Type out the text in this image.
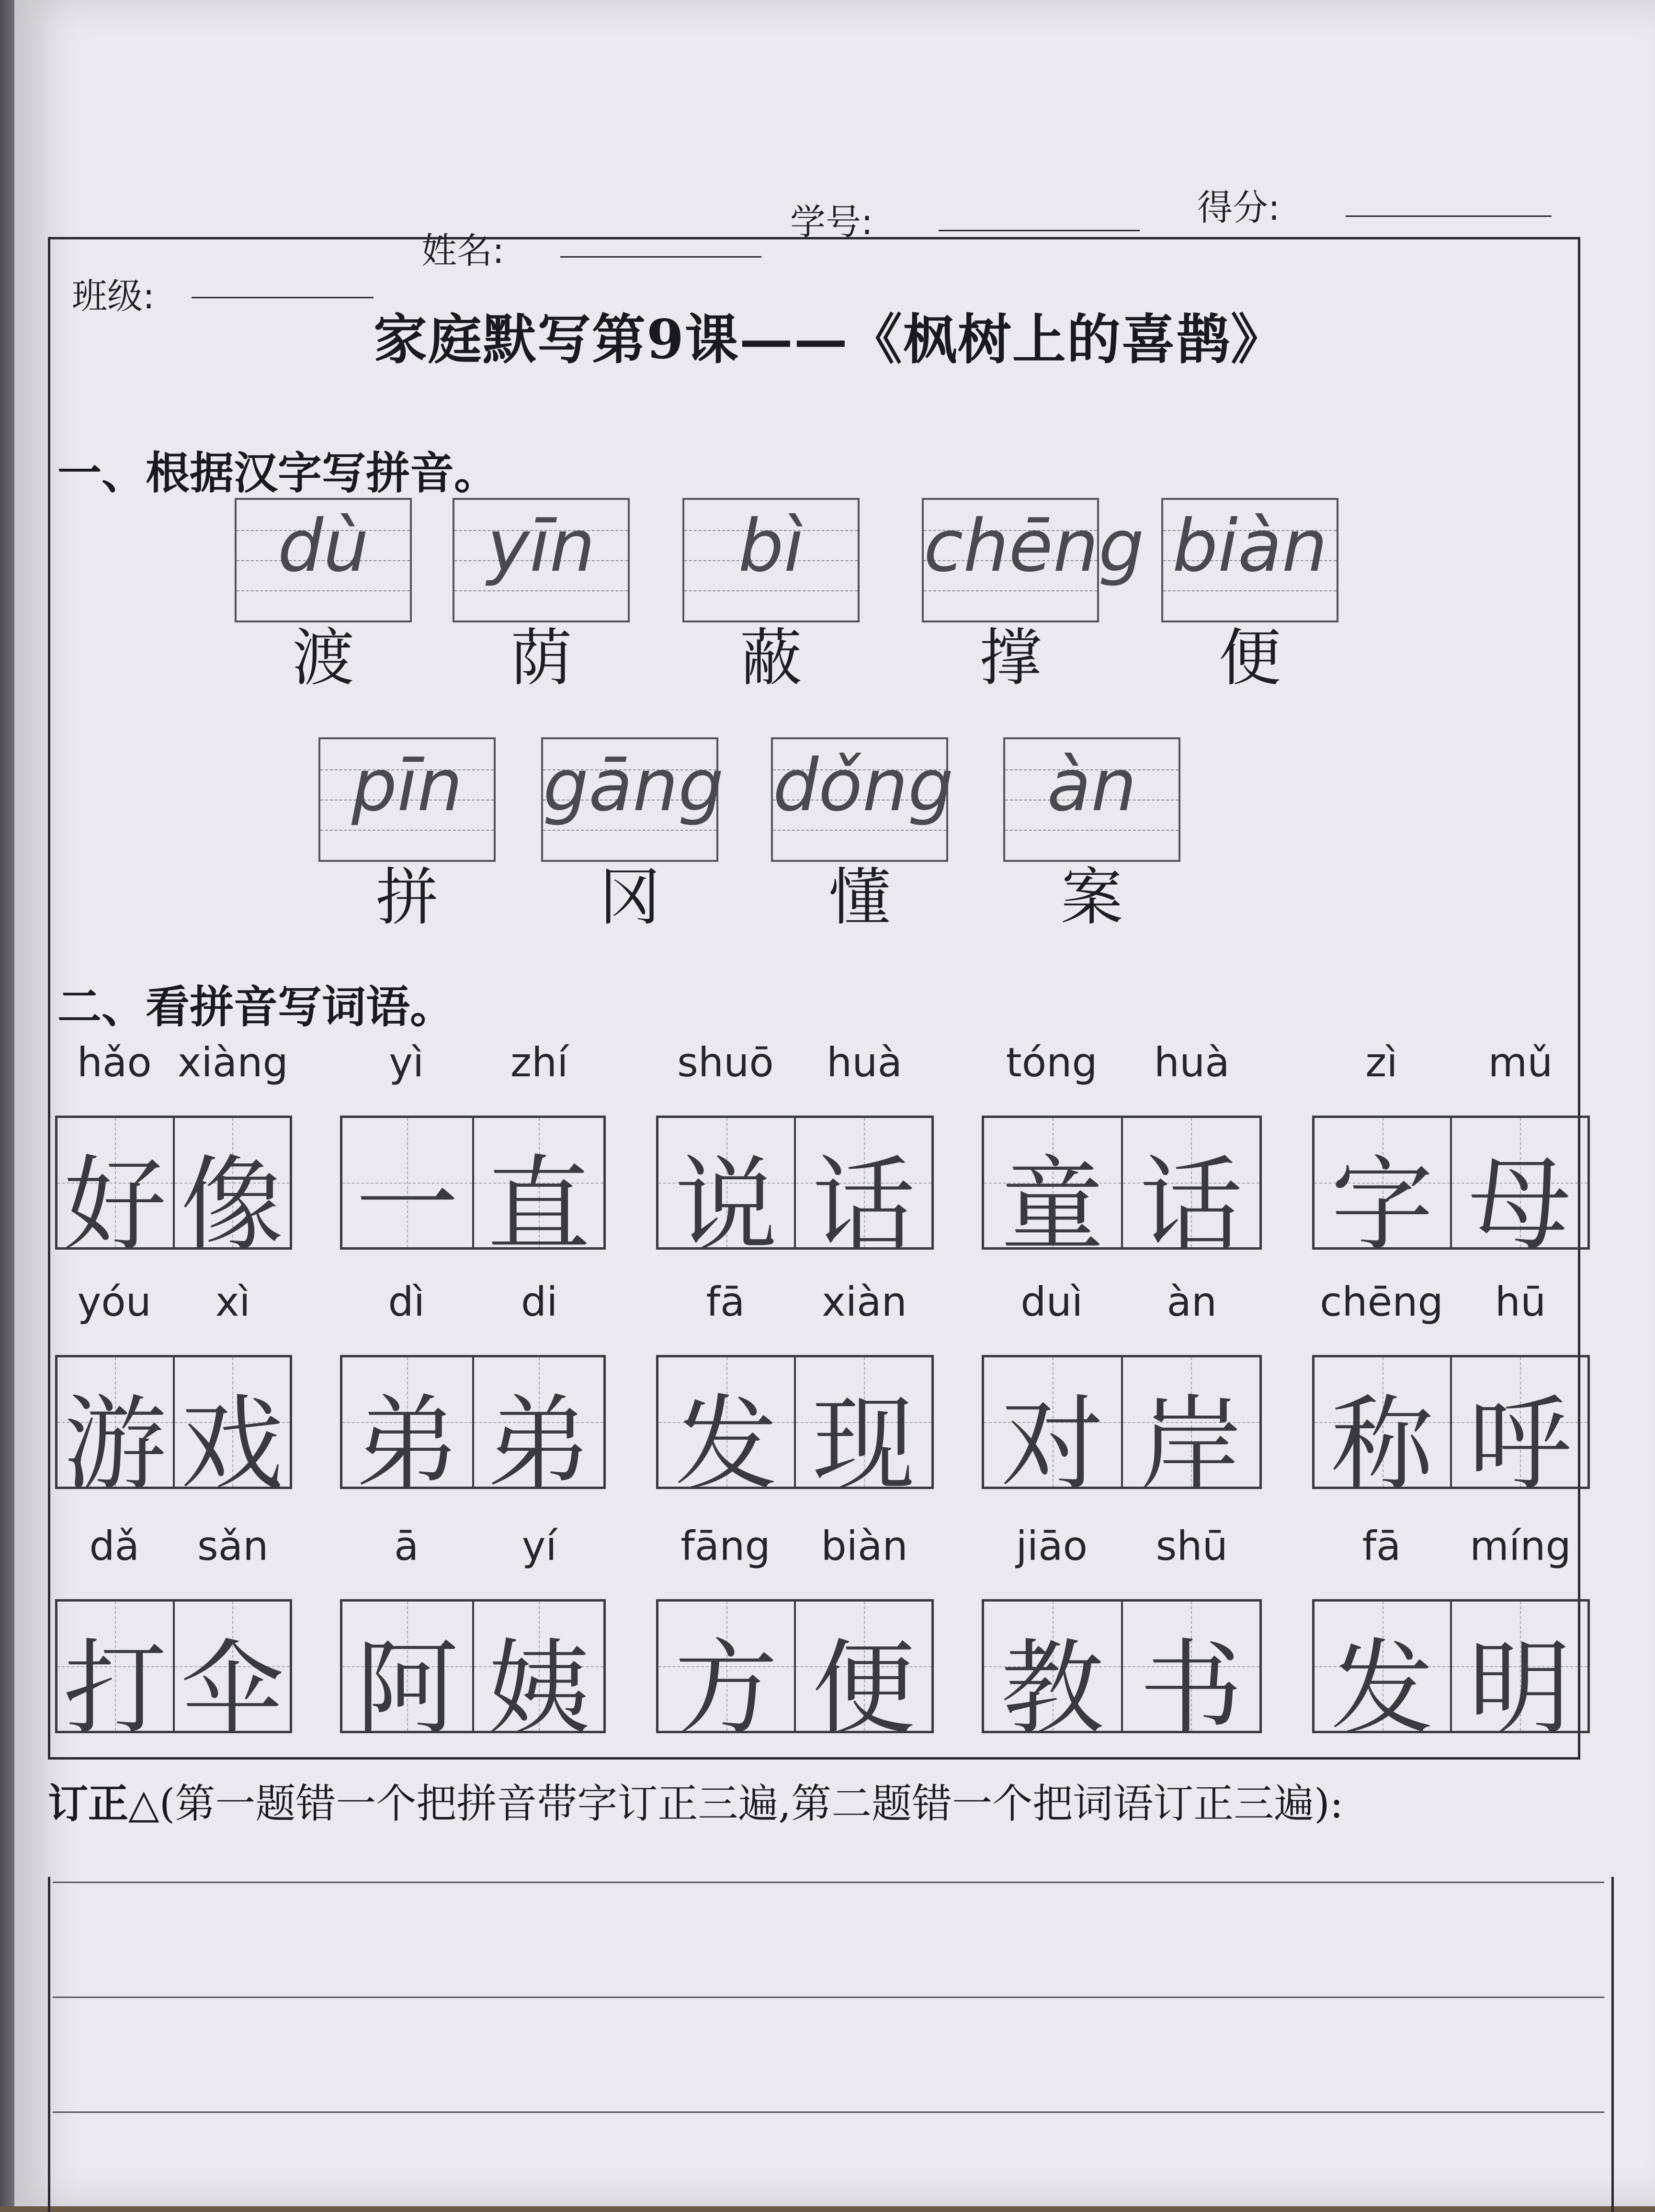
班级:
姓名:
学号:	得分:
家庭默写第9课——《枫树上的喜鹊》
一、根据汉字写拼音。
dù
渡
yīn
荫
bì
蔽
chēng
撑
biàn
便
pīn
拼
gāng
冈
dǒng
懂
àn
案
二、看拼音写词语。
hǎo xiàng
好 像
yì	zhí
一 直
shuō	huà
说 话
tóng	huà
童 话
zì	mǔ
字 母
yóu	xì
游 戏
dì	di
弟 弟
fā	xiàn
发 现
duì	àn
对 岸
chēng	hū
称 呼
dǎ	sǎn
打 伞
ā	yí
阿 姨
fāng	biàn
方 便
jiāo	shū
教 书
fā	míng
发 明
订正△(第一题错一个把拼音带字订正三遍,第二题错一个把词语订正三遍):
